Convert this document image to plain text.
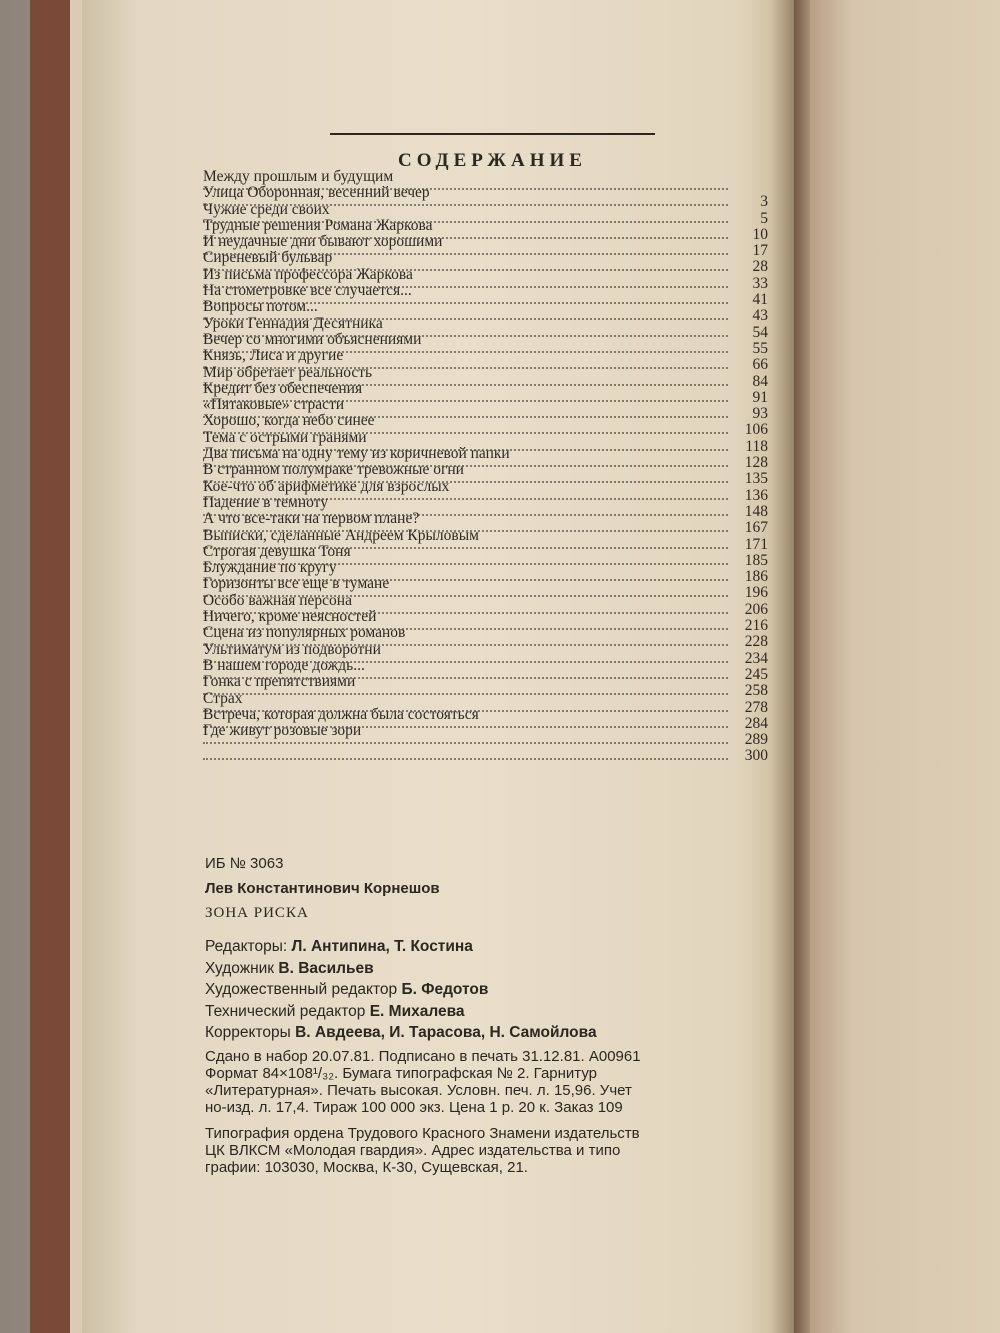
СОДЕРЖАНИЕ
Между прошлым и будущим
Улица Оборонная, весенний вечер
3
Чужие среди своих
5
Трудные решения Романа Жаркова
10
И неудачные дни бывают хорошими
17
Сиреневый бульвар
28
Из письма профессора Жаркова
33
На стометровке все случается...
41
Вопросы потом...
43
Уроки Геннадия Десятника
54
Вечер со многими объяснениями
55
Князь, Лиса и другие
66
Мир обретает реальность
84
Кредит без обеспечения
91
«Пятаковые» страсти
93
Хорошо, когда небо синее
106
Тема с острыми гранями
118
Два письма на одну тему из коричневой папки
128
В странном полумраке тревожные огни
135
Кое-что об арифметике для взрослых
136
Падение в темноту
148
А что все-таки на первом плане?
167
Выписки, сделанные Андреем Крыловым
171
Строгая девушка Тоня
185
Блуждание по кругу
186
Горизонты все еще в тумане
196
Особо важная персона
206
Ничего, кроме неясностей
216
Сцена из популярных романов
228
Ультиматум из подворотни
234
В нашем городе дождь...
245
Гонка с препятствиями
258
Страх
278
Встреча, которая должна была состояться
284
Где живут розовые зори
289
300
ИБ № 3063
Лев Константинович Корнешов
ЗОНА РИСКА
Редакторы: Л. Антипина, Т. Костина
Художник В. Васильев
Художественный редактор Б. Федотов
Технический редактор Е. Михалева
Корректоры В. Авдеева, И. Тарасова, Н. Самойлова
Сдано в набор 20.07.81. Подписано в печать 31.12.81. А00961
Формат 84×108¹/₃₂. Бумага типографская № 2. Гарнитур
«Литературная». Печать высокая. Условн. печ. л. 15,96. Учет
но-изд. л. 17,4. Тираж 100 000 экз. Цена 1 р. 20 к. Заказ 109
Типография ордена Трудового Красного Знамени издательств
ЦК ВЛКСМ «Молодая гвардия». Адрес издательства и типо
графии: 103030, Москва, К-30, Сущевская, 21.
